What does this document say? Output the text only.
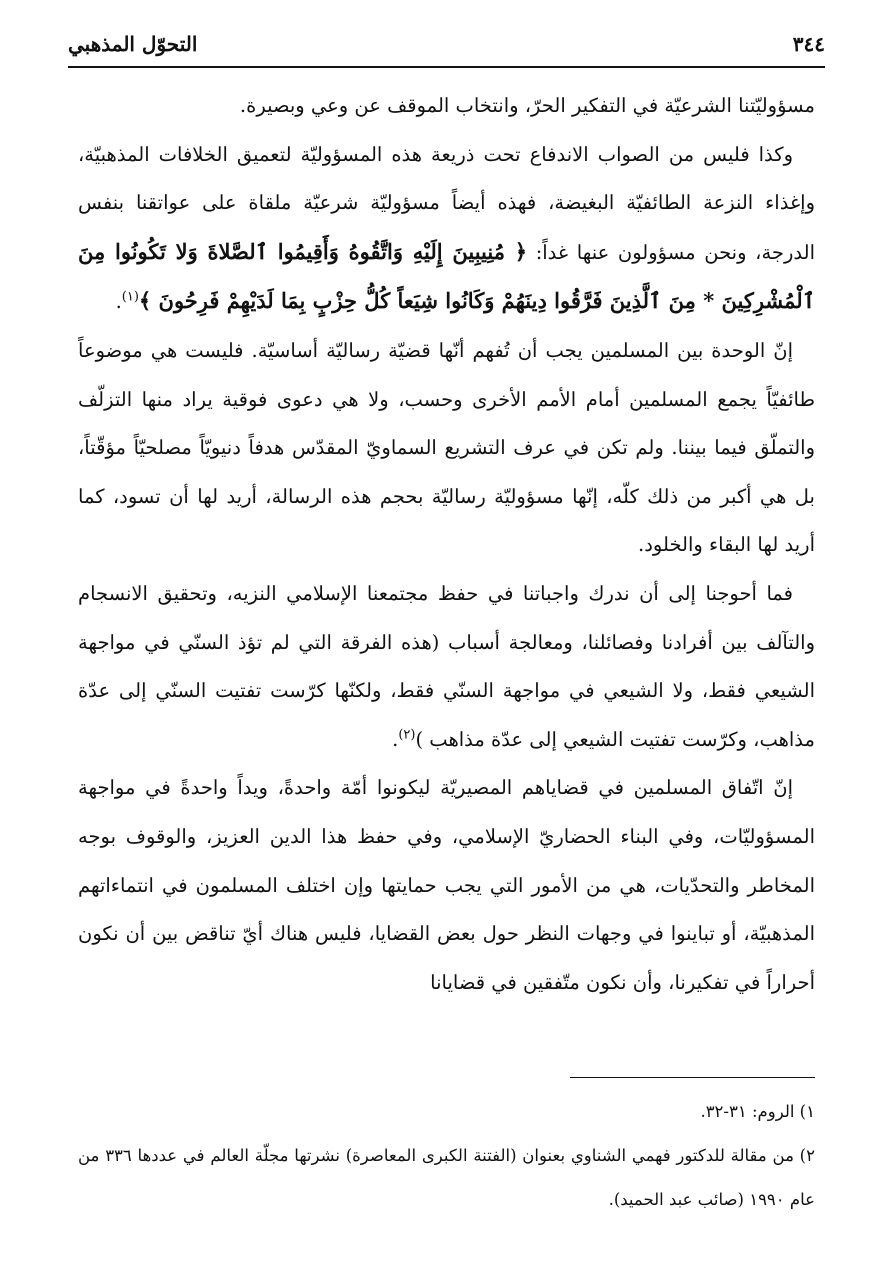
٣٤٤
التحوّل المذهبي

مسؤوليّتنا الشرعيّة في التفكير الحرّ، وانتخاب الموقف عن وعي وبصيرة.

وكذا فليس من الصواب الاندفاع تحت ذريعة هذه المسؤوليّة لتعميق الخلافات المذهبيّة، وإغذاء النزعة الطائفيّة البغيضة، فهذه أيضاً مسؤوليّة شرعيّة ملقاة على عواتقنا بنفس الدرجة، ونحن مسؤولون عنها غداً: ﴿ مُنِيبِينَ إِلَيْهِ وَاتَّقُوهُ وَأَقِيمُوا ٱلصَّلاةَ وَلا تَكُونُوا مِنَ ٱلْمُشْرِكِينَ * مِنَ ٱلَّذِينَ فَرَّقُوا دِينَهُمْ وَكَانُوا شِيَعاً كُلُّ حِزْبٍ بِمَا لَدَيْهِمْ فَرِحُونَ ﴾$^{(١)}$.

إنّ الوحدة بين المسلمين يجب أن تُفهم أنّها قضيّة رساليّة أساسيّة. فليست هي موضوعاً طائفيّاً يجمع المسلمين أمام الأمم الأخرى وحسب، ولا هي دعوى فوقية يراد منها التزلّف والتملّق فيما بيننا. ولم تكن في عرف التشريع السماويّ المقدّس هدفاً دنيويّاً مصلحيّاً مؤقّتاً، بل هي أكبر من ذلك كلّه، إنّها مسؤوليّة رساليّة بحجم هذه الرسالة، أريد لها أن تسود، كما أريد لها البقاء والخلود.

فما أحوجنا إلى أن ندرك واجباتنا في حفظ مجتمعنا الإسلامي النزيه، وتحقيق الانسجام والتآلف بين أفرادنا وفصائلنا، ومعالجة أسباب (هذه الفرقة التي لم تؤذ السنّي في مواجهة الشيعي فقط، ولا الشيعي في مواجهة السنّي فقط، ولكنّها كرّست تفتيت السنّي إلى عدّة مذاهب، وكرّست تفتيت الشيعي إلى عدّة مذاهب )$^{(٢)}$.

إنّ اتّفاق المسلمين في قضاياهم المصيريّة ليكونوا أمّة واحدةً، ويداً واحدةً في مواجهة المسؤوليّات، وفي البناء الحضاريّ الإسلامي، وفي حفظ هذا الدين العزيز، والوقوف بوجه المخاطر والتحدّيات، هي من الأمور التي يجب حمايتها وإن اختلف المسلمون في انتماءاتهم المذهبيّة، أو تباينوا في وجهات النظر حول بعض القضايا، فليس هناك أيّ تناقض بين أن نكون أحراراً في تفكيرنا، وأن نكون متّفقين في قضايانا

١) الروم: ٣١-٣٢.

٢) من مقالة للدكتور فهمي الشناوي بعنوان (الفتنة الكبرى المعاصرة) نشرتها مجلّة العالم في عددها ٣٣٦ من عام ١٩٩٠ (صائب عبد الحميد).
